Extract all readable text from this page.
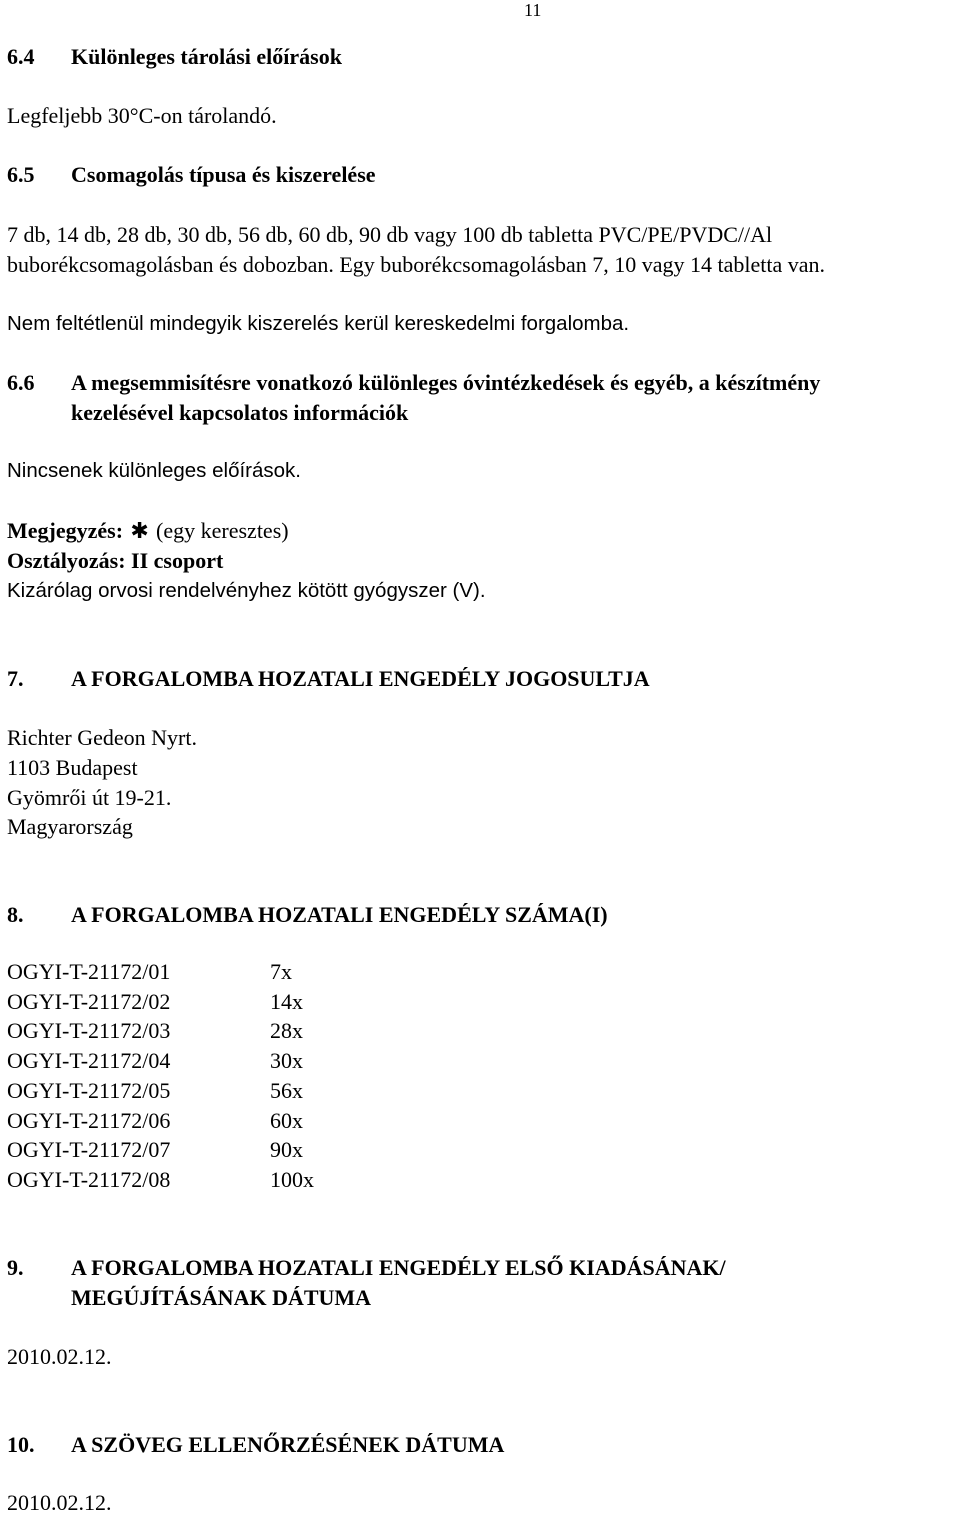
11
6.4 Különleges tárolási előírások
Legfeljebb 30°C-on tárolandó.
6.5 Csomagolás típusa és kiszerelése
7 db, 14 db, 28 db, 30 db, 56 db, 60 db, 90 db vagy 100 db tabletta PVC/PE/PVDC//Al
buborékcsomagolásban és dobozban. Egy buborékcsomagolásban 7, 10 vagy 14 tabletta van.
Nem feltétlenül mindegyik kiszerelés kerül kereskedelmi forgalomba.
6.6 A megsemmisítésre vonatkozó különleges óvintézkedések és egyéb, a készítmény
kezelésével kapcsolatos információk
Nincsenek különleges előírások.
Megjegyzés: ✱ (egy keresztes)
Osztályozás: II csoport
Kizárólag orvosi rendelvényhez kötött gyógyszer (V).
7. A FORGALOMBA HOZATALI ENGEDÉLY JOGOSULTJA
Richter Gedeon Nyrt.
1103 Budapest
Gyömrői út 19-21.
Magyarország
8. A FORGALOMBA HOZATALI ENGEDÉLY SZÁMA(I)
OGYI-T-21172/01	7x
OGYI-T-21172/02	14x
OGYI-T-21172/03	28x
OGYI-T-21172/04	30x
OGYI-T-21172/05	56x
OGYI-T-21172/06	60x
OGYI-T-21172/07	90x
OGYI-T-21172/08	100x
9. A FORGALOMBA HOZATALI ENGEDÉLY ELSŐ KIADÁSÁNAK/
MEGÚJÍTÁSÁNAK DÁTUMA
2010.02.12.
10. A SZÖVEG ELLENŐRZÉSÉNEK DÁTUMA
2010.02.12.
